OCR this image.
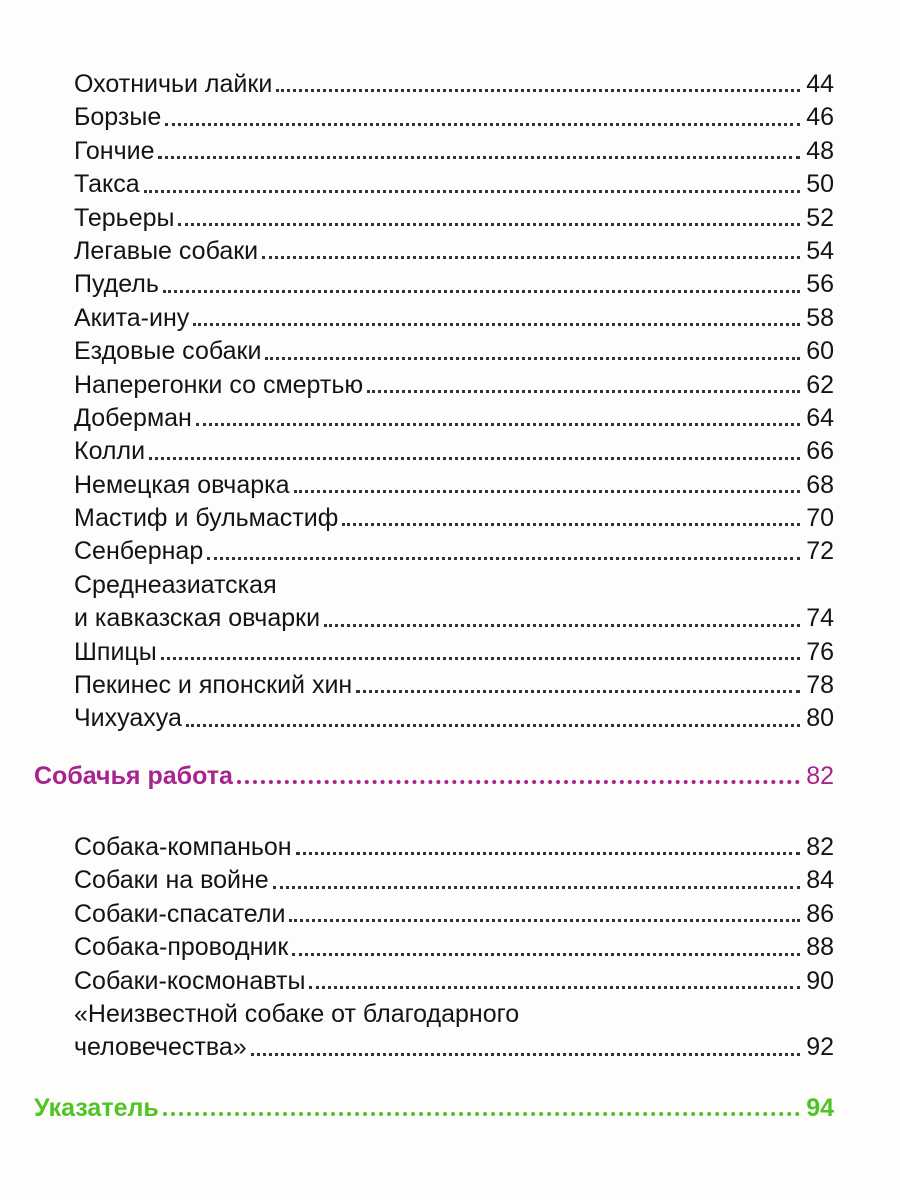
Охотничьи лайки	44
Борзые	46
Гончие	48
Такса	50
Терьеры	52
Легавые собаки	54
Пудель	56
Акита-ину	58
Ездовые собаки	60
Наперегонки со смертью	62
Доберман	64
Колли	66
Немецкая овчарка	68
Мастиф и бульмастиф	70
Сенбернар	72
Среднеазиатская
и кавказская овчарки	74
Шпицы	76
Пекинес и японский хин	78
Чихуахуа	80
Собачья работа	82
Собака-компаньон	82
Собаки на войне	84
Собаки-спасатели	86
Собака-проводник	88
Собаки-космонавты	90
«Неизвестной собаке от благодарного
человечества»	92
Указатель	94
